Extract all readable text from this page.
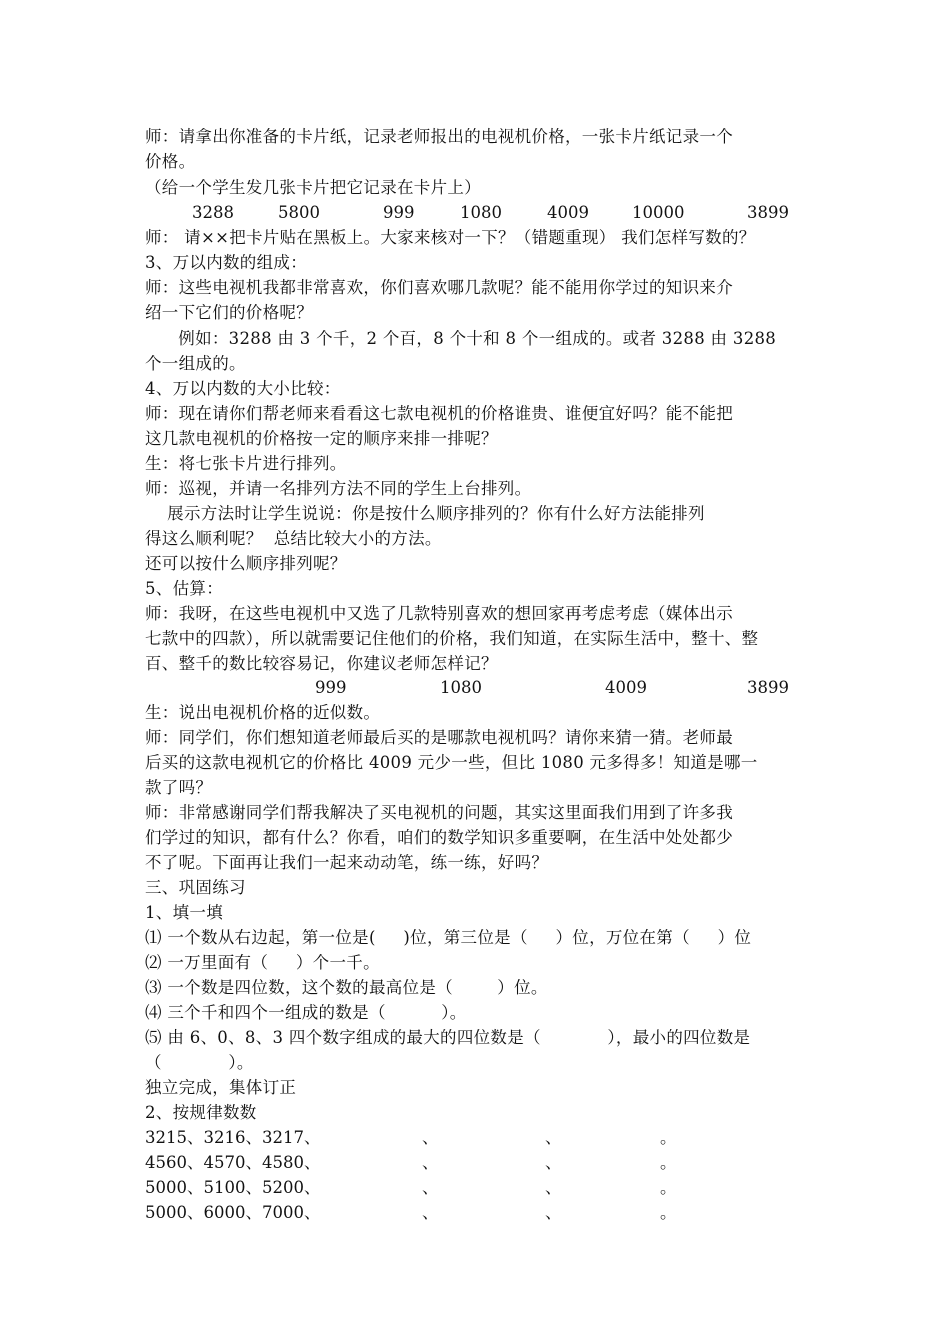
师：请拿出你准备的卡片纸，记录老师报出的电视机价格，一张卡片纸记录一个
价格。
（给一个学生发几张卡片把它记录在卡片上）
3288	5800	999	1080	4009	10000	3899
师： 请××把卡片贴在黑板上。大家来核对一下？（错题重现） 我们怎样写数的？
3、万以内数的组成：
师：这些电视机我都非常喜欢，你们喜欢哪几款呢？能不能用你学过的知识来介
绍一下它们的价格呢？
例如：3288 由 3 个千，2 个百，8 个十和 8 个一组成的。或者 3288 由 3288
个一组成的。
4、万以内数的大小比较：
师：现在请你们帮老师来看看这七款电视机的价格谁贵、谁便宜好吗？能不能把
这几款电视机的价格按一定的顺序来排一排呢？
生：将七张卡片进行排列。
师：巡视，并请一名排列方法不同的学生上台排列。
展示方法时让学生说说：你是按什么顺序排列的？你有什么好方法能排列
得这么顺利呢？  总结比较大小的方法。
还可以按什么顺序排列呢？
5、估算：
师：我呀，在这些电视机中又选了几款特别喜欢的想回家再考虑考虑（媒体出示
七款中的四款），所以就需要记住他们的价格，我们知道，在实际生活中，整十、整
百、整千的数比较容易记，你建议老师怎样记？
999	1080	4009	3899
生：说出电视机价格的近似数。
师：同学们，你们想知道老师最后买的是哪款电视机吗？请你来猜一猜。老师最
后买的这款电视机它的价格比 4009 元少一些，但比 1080 元多得多！知道是哪一
款了吗？
师：非常感谢同学们帮我解决了买电视机的问题，其实这里面我们用到了许多我
们学过的知识，都有什么？你看，咱们的数学知识多重要啊，在生活中处处都少
不了呢。下面再让我们一起来动动笔，练一练，好吗？
三、巩固练习
1、填一填
⑴ 一个数从右边起，第一位是(     )位，第三位是（     ）位，万位在第（     ）位
⑵ 一万里面有（     ）个一千。
⑶ 一个数是四位数，这个数的最高位是（        ）位。
⑷ 三个千和四个一组成的数是（          ）。
⑸ 由 6、0、8、3 四个数字组成的最大的四位数是（            ），最小的四位数是
（            ）。
独立完成，集体订正
2、按规律数数
3215、3216、3217、	、	、	。
4560、4570、4580、	、	、	。
5000、5100、5200、	、	、	。
5000、6000、7000、	、	、	。
